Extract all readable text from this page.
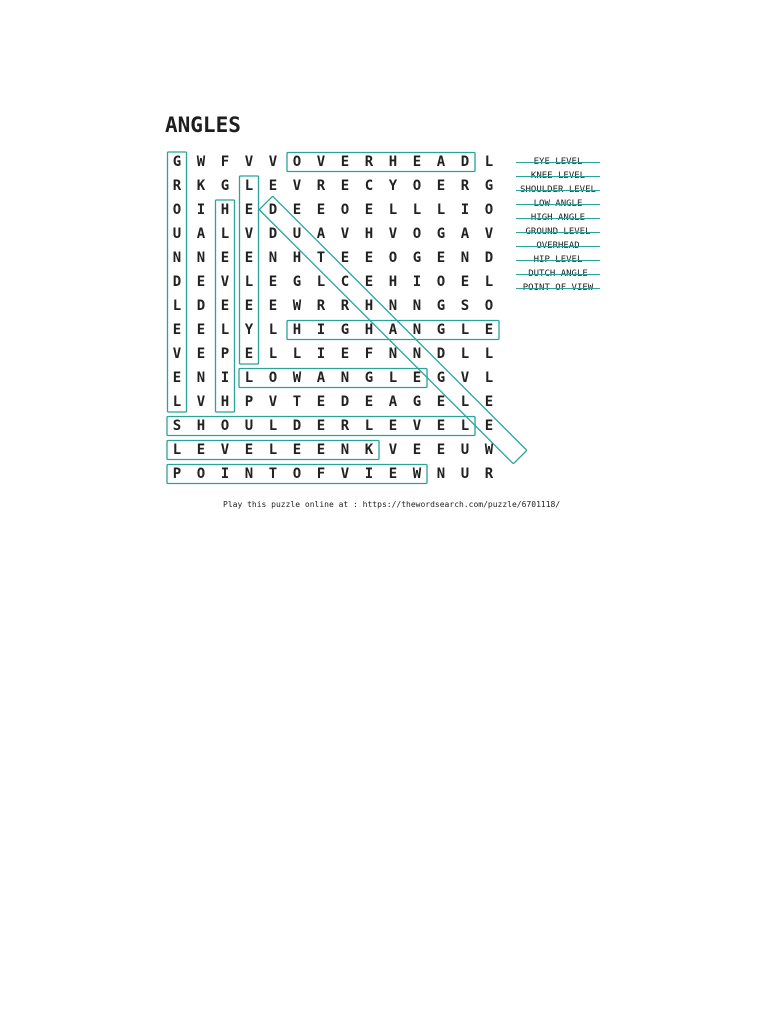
ANGLES
G	W	F	V	V	O	V	E	R	H	E	A	D	L
R	K	G	L	E	V	R	E	C	Y	O	E	R	G
O	I	H	E	D	E	E	O	E	L	L	L	I	O
U	A	L	V	D	U	A	V	H	V	O	G	A	V
N	N	E	E	N	H	T	E	E	O	G	E	N	D
D	E	V	L	E	G	L	C	E	H	I	O	E	L
L	D	E	E	E	W	R	R	H	N	N	G	S	O
E	E	L	Y	L	H	I	G	H	A	N	G	L	E
V	E	P	E	L	L	I	E	F	N	N	D	L	L
E	N	I	L	O	W	A	N	G	L	E	G	V	L
L	V	H	P	V	T	E	D	E	A	G	E	L	E
S	H	O	U	L	D	E	R	L	E	V	E	L	E
L	E	V	E	L	E	E	N	K	V	E	E	U	W
P	O	I	N	T	O	F	V	I	E	W	N	U	R
EYE LEVEL
KNEE LEVEL
SHOULDER LEVEL
LOW ANGLE
HIGH ANGLE
GROUND LEVEL
OVERHEAD
HIP LEVEL
DUTCH ANGLE
POINT OF VIEW

Play this puzzle online at : https://thewordsearch.com/puzzle/6701118/
